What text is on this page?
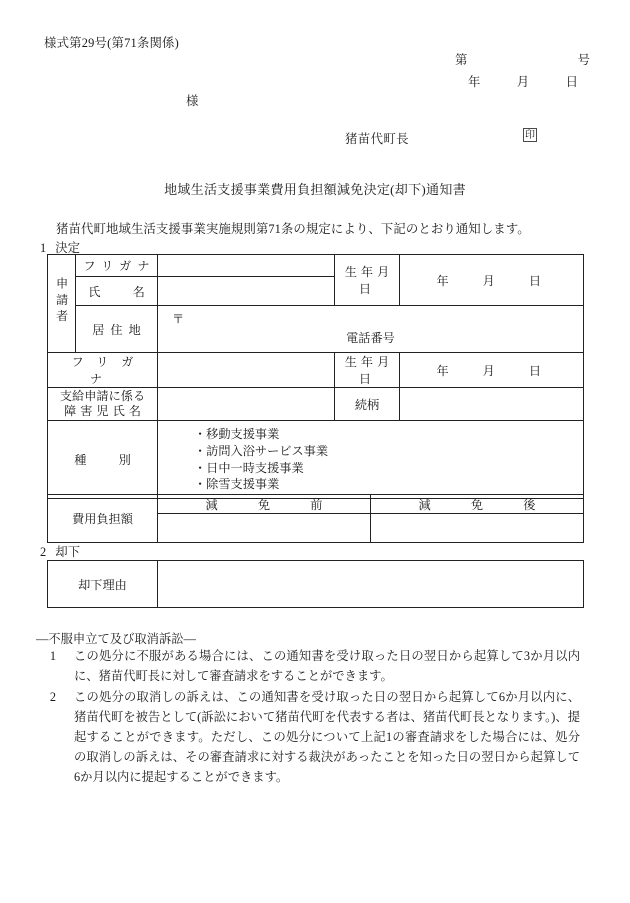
様式第29号(第71条関係)
第	号
年	月	日
様
猪苗代町長	印
地域生活支援事業費用負担額減免決定(却下)通知書
猪苗代町地域生活支援事業実施規則第71条の規定により、下記のとおり通知します。
1 決定
申請者	フリガナ		生年月日	年 月 日

	氏　名			
	居住地	〒
電話番号		

フリガナ			生年月日	年 月 日

支給申請に係る
障害児氏名			続柄	
種　別		・移動支援事業
・訪問入浴サービス事業
・日中一時支援事業
・除雪支援事業		
費用負担額	減　免　前	減　免　後

2 却下
却下理由	
―不服申立て及び取消訴訟―
1	この処分に不服がある場合には、この通知書を受け取った日の翌日から起算して3か月以内に、猪苗代町長に対して審査請求をすることができます。
2	この処分の取消しの訴えは、この通知書を受け取った日の翌日から起算して6か月以内に、猪苗代町を被告として(訴訟において猪苗代町を代表する者は、猪苗代町長となります。)、提起することができます。ただし、この処分について上記1の審査請求をした場合には、処分の取消しの訴えは、その審査請求に対する裁決があったことを知った日の翌日から起算して6か月以内に提起することができます。
